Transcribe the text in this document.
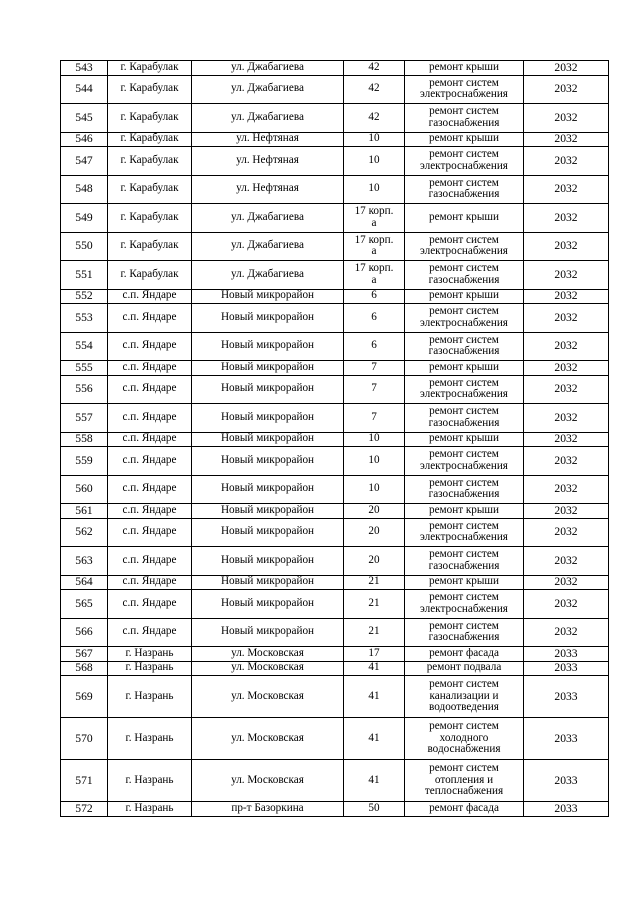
543	г. Карабулак	ул. Джабагиева	42	ремонт крыши	2032
544	г. Карабулак	ул. Джабагиева	42	ремонт систем
электроснабжения	2032
545	г. Карабулак	ул. Джабагиева	42	ремонт систем
газоснабжения	2032
546	г. Карабулак	ул. Нефтяная	10	ремонт крыши	2032
547	г. Карабулак	ул. Нефтяная	10	ремонт систем
электроснабжения	2032
548	г. Карабулак	ул. Нефтяная	10	ремонт систем
газоснабжения	2032
549	г. Карабулак	ул. Джабагиева	17 корп.
а	ремонт крыши	2032
550	г. Карабулак	ул. Джабагиева	17 корп.
а	ремонт систем
электроснабжения	2032
551	г. Карабулак	ул. Джабагиева	17 корп.
а	ремонт систем
газоснабжения	2032
552	с.п. Яндаре	Новый микрорайон	6	ремонт крыши	2032
553	с.п. Яндаре	Новый микрорайон	6	ремонт систем
электроснабжения	2032
554	с.п. Яндаре	Новый микрорайон	6	ремонт систем
газоснабжения	2032
555	с.п. Яндаре	Новый микрорайон	7	ремонт крыши	2032
556	с.п. Яндаре	Новый микрорайон	7	ремонт систем
электроснабжения	2032
557	с.п. Яндаре	Новый микрорайон	7	ремонт систем
газоснабжения	2032
558	с.п. Яндаре	Новый микрорайон	10	ремонт крыши	2032
559	с.п. Яндаре	Новый микрорайон	10	ремонт систем
электроснабжения	2032
560	с.п. Яндаре	Новый микрорайон	10	ремонт систем
газоснабжения	2032
561	с.п. Яндаре	Новый микрорайон	20	ремонт крыши	2032
562	с.п. Яндаре	Новый микрорайон	20	ремонт систем
электроснабжения	2032
563	с.п. Яндаре	Новый микрорайон	20	ремонт систем
газоснабжения	2032
564	с.п. Яндаре	Новый микрорайон	21	ремонт крыши	2032
565	с.п. Яндаре	Новый микрорайон	21	ремонт систем
электроснабжения	2032
566	с.п. Яндаре	Новый микрорайон	21	ремонт систем
газоснабжения	2032
567	г. Назрань	ул. Московская	17	ремонт фасада	2033
568	г. Назрань	ул. Московская	41	ремонт подвала	2033
569	г. Назрань	ул. Московская	41	ремонт систем
канализации и
водоотведения	2033
570	г. Назрань	ул. Московская	41	ремонт систем
холодного
водоснабжения	2033
571	г. Назрань	ул. Московская	41	ремонт систем
отопления и
теплоснабжения	2033
572	г. Назрань	пр-т Базоркина	50	ремонт фасада	2033
